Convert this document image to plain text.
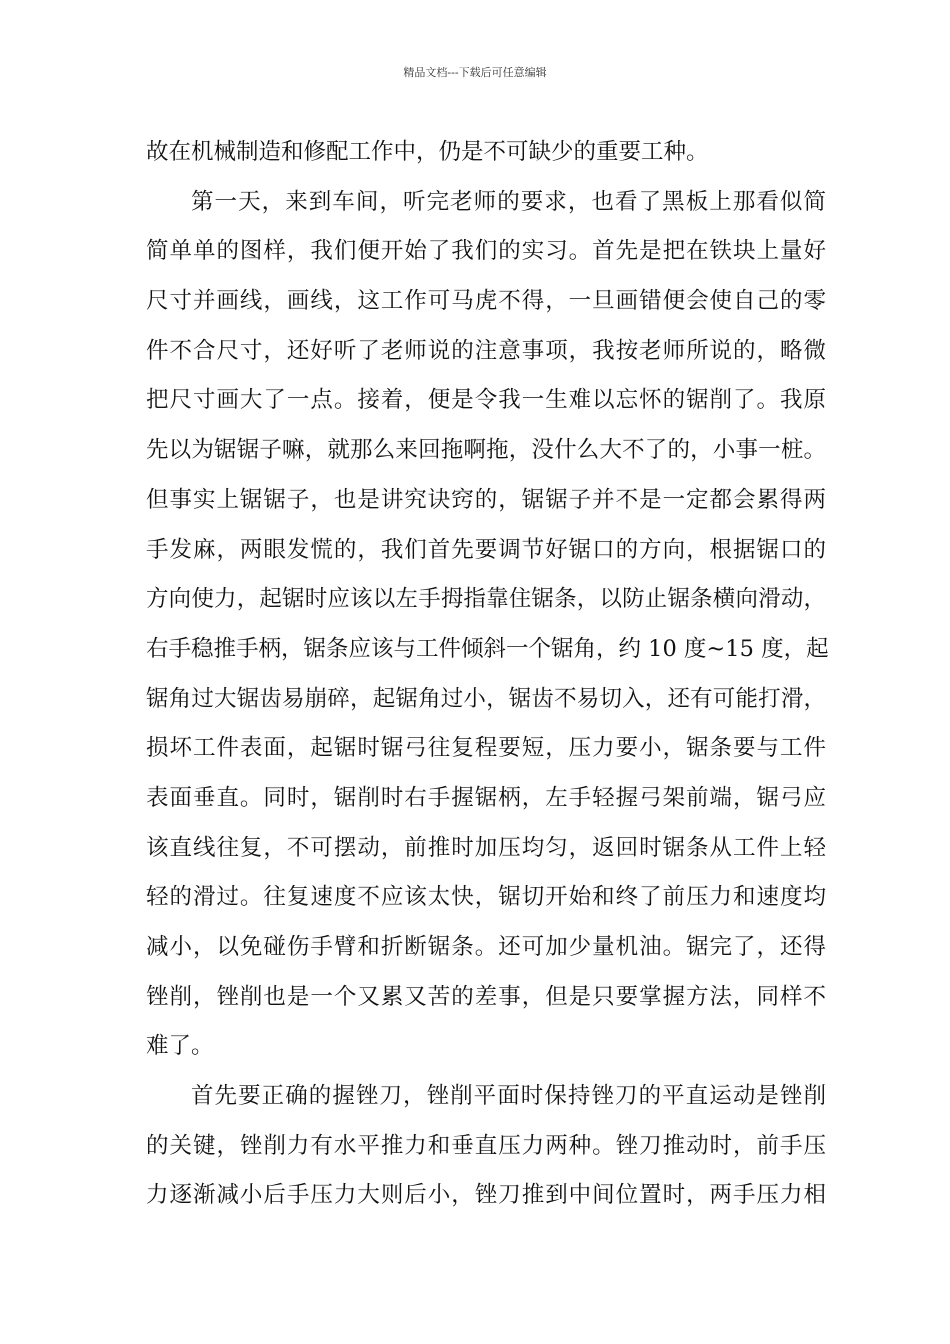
精品文档---下载后可任意编辑
故在机械制造和修配工作中，仍是不可缺少的重要工种。
第一天，来到车间，听完老师的要求，也看了黑板上那看似简
简单单的图样，我们便开始了我们的实习。首先是把在铁块上量好
尺寸并画线，画线，这工作可马虎不得，一旦画错便会使自己的零
件不合尺寸，还好听了老师说的注意事项，我按老师所说的，略微
把尺寸画大了一点。接着，便是令我一生难以忘怀的锯削了。我原
先以为锯锯子嘛，就那么来回拖啊拖，没什么大不了的，小事一桩。
但事实上锯锯子，也是讲究诀窍的，锯锯子并不是一定都会累得两
手发麻，两眼发慌的，我们首先要调节好锯口的方向，根据锯口的
方向使力，起锯时应该以左手拇指靠住锯条，以防止锯条横向滑动，
右手稳推手柄，锯条应该与工件倾斜一个锯角，约 10 度~15 度，起
锯角过大锯齿易崩碎，起锯角过小，锯齿不易切入，还有可能打滑，
损坏工件表面，起锯时锯弓往复程要短，压力要小，锯条要与工件
表面垂直。同时，锯削时右手握锯柄，左手轻握弓架前端，锯弓应
该直线往复，不可摆动，前推时加压均匀，返回时锯条从工件上轻
轻的滑过。往复速度不应该太快，锯切开始和终了前压力和速度均
减小，以免碰伤手臂和折断锯条。还可加少量机油。锯完了，还得
锉削，锉削也是一个又累又苦的差事，但是只要掌握方法，同样不
难了。
首先要正确的握锉刀，锉削平面时保持锉刀的平直运动是锉削
的关键，锉削力有水平推力和垂直压力两种。锉刀推动时，前手压
力逐渐减小后手压力大则后小，锉刀推到中间位置时，两手压力相
